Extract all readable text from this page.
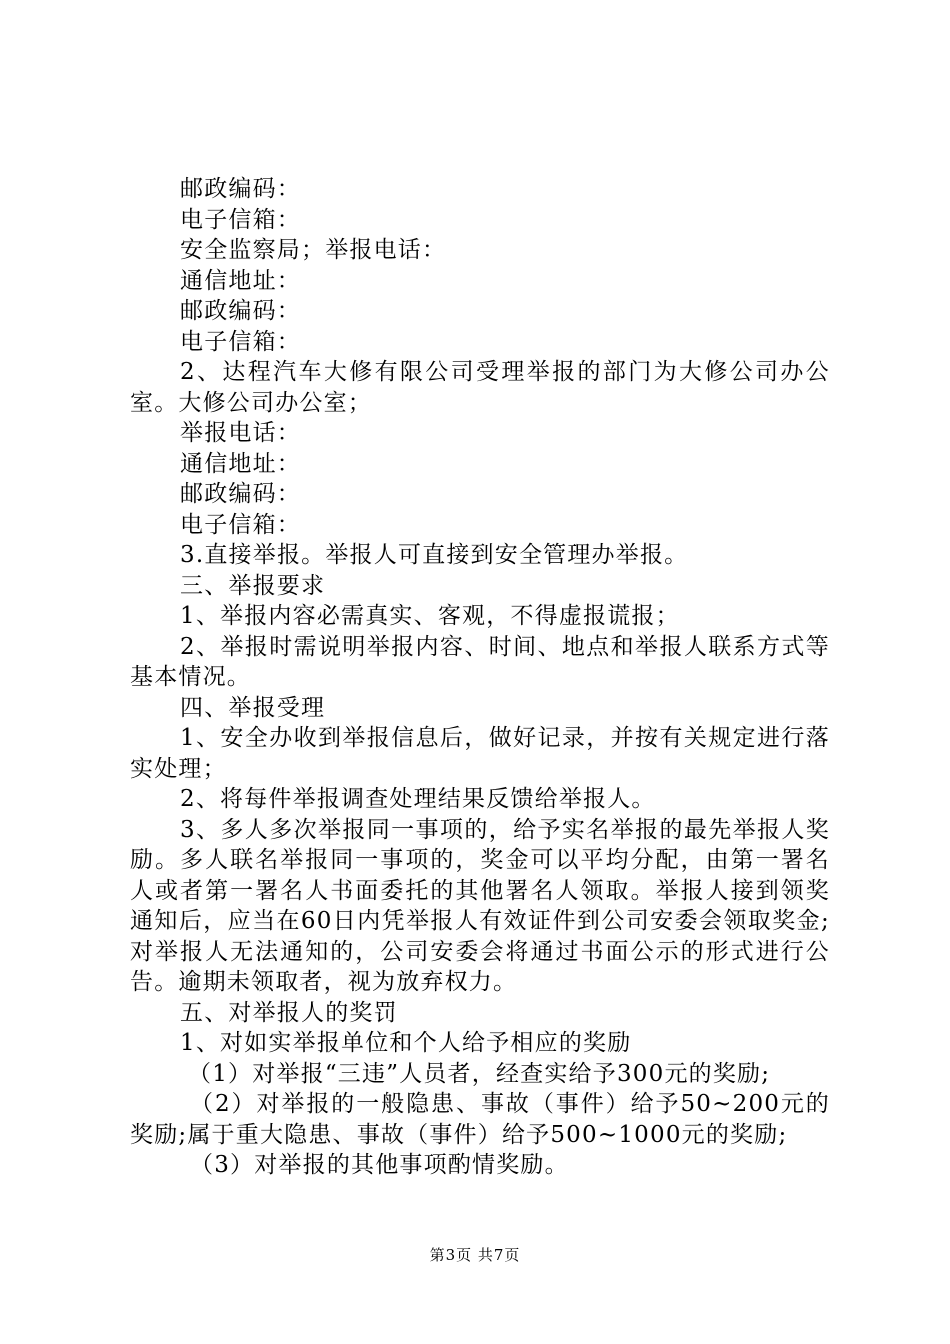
邮政编码：

电子信箱：

安全监察局；举报电话：

通信地址：

邮政编码：

电子信箱：

2、达程汽车大修有限公司受理举报的部门为大修公司办公室。大修公司办公室；

举报电话：

通信地址：

邮政编码：

电子信箱：

3.直接举报。举报人可直接到安全管理办举报。

三、举报要求

1、举报内容必需真实、客观，不得虚报谎报；

2、举报时需说明举报内容、时间、地点和举报人联系方式等基本情况。

四、举报受理

1、安全办收到举报信息后，做好记录，并按有关规定进行落实处理；

2、将每件举报调查处理结果反馈给举报人。

3、多人多次举报同一事项的，给予实名举报的最先举报人奖励。多人联名举报同一事项的，奖金可以平均分配，由第一署名人或者第一署名人书面委托的其他署名人领取。举报人接到领奖通知后，应当在60日内凭举报人有效证件到公司安委会领取奖金;对举报人无法通知的，公司安委会将通过书面公示的形式进行公告。逾期未领取者，视为放弃权力。

五、对举报人的奖罚

1、对如实举报单位和个人给予相应的奖励

（1）对举报“三违”人员者，经查实给予300元的奖励;

（2）对举报的一般隐患、事故（事件）给予50~200元的奖励;属于重大隐患、事故（事件）给予500~1000元的奖励;

（3）对举报的其他事项酌情奖励。

第3页 共7页
